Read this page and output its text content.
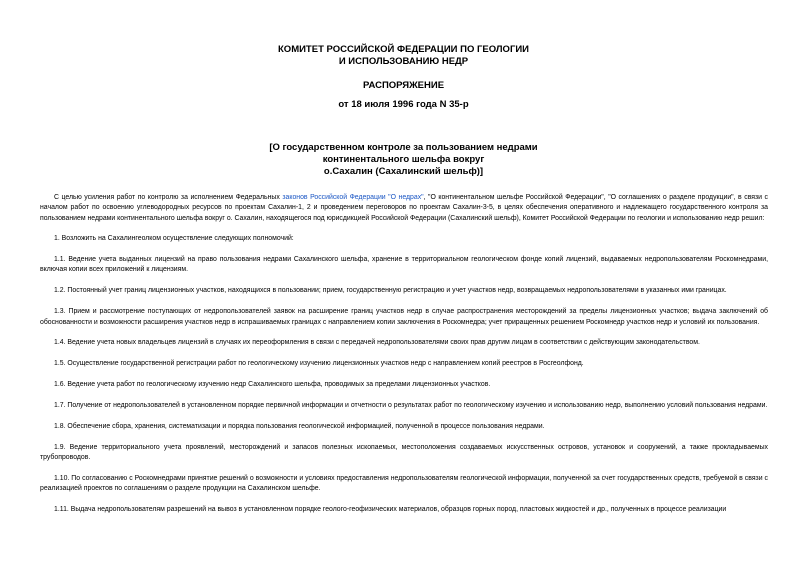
КОМИТЕТ РОССИЙСКОЙ ФЕДЕРАЦИИ ПО ГЕОЛОГИИ
И ИСПОЛЬЗОВАНИЮ НЕДР
РАСПОРЯЖЕНИЕ
от 18 июля 1996 года N 35-р
[О государственном контроле за пользованием недрами
континентального шельфа вокруг
о.Сахалин (Сахалинский шельф)]

С целью усиления работ по контролю за исполнением Федеральных законов Российской Федерации "О недрах", "О континентальном шельфе Российской Федерации", "О соглашениях о разделе продукции", в связи с началом работ по освоению углеводородных ресурсов по проектам Сахалин-1, 2 и проведением переговоров по проектам Сахалин-3-5, в целях обеспечения оперативного и надлежащего государственного контроля за пользованием недрами континентального шельфа вокруг о. Сахалин, находящегося под юрисдикцией Российской Федерации (Сахалинский шельф), Комитет Российской Федерации по геологии и использованию недр решил:

1. Возложить на Сахалингеолком осуществление следующих полномочий:

1.1. Ведение учета выданных лицензий на право пользования недрами Сахалинского шельфа, хранение в территориальном геологическом фонде копий лицензий, выдаваемых недропользователям Роскомнедрами, включая копии всех приложений к лицензиям.

1.2. Постоянный учет границ лицензионных участков, находящихся в пользовании; прием, государственную регистрацию и учет участков недр, возвращаемых недропользователями в указанных ими границах.

1.3. Прием и рассмотрение поступающих от недропользователей заявок на расширение границ участков недр в случае распространения месторождений за пределы лицензионных участков; выдача заключений об обоснованности и возможности расширения участков недр в испрашиваемых границах с направлением копии заключения в Роскомнедра; учет приращенных решением Роскомнедр участков недр и условий их пользования.

1.4. Ведение учета новых владельцев лицензий в случаях их переоформления в связи с передачей недропользователями своих прав другим лицам в соответствии с действующим законодательством.

1.5. Осуществление государственной регистрации работ по геологическому изучению лицензионных участков недр с направлением копий реестров в Росгеолфонд.

1.6. Ведение учета работ по геологическому изучению недр Сахалинского шельфа, проводимых за пределами лицензионных участков.

1.7. Получение от недропользователей в установленном порядке первичной информации и отчетности о результатах работ по геологическому изучению и использованию недр, выполнению условий пользования недрами.

1.8. Обеспечение сбора, хранения, систематизации и порядка пользования геологической информацией, полученной в процессе пользования недрами.

1.9. Ведение территориального учета проявлений, месторождений и запасов полезных ископаемых, местоположения создаваемых искусственных островов, установок и сооружений, а также прокладываемых трубопроводов.

1.10. По согласованию с Роскомнедрами принятие решений о возможности и условиях предоставления недропользователям геологической информации, полученной за счет государственных средств, требуемой в связи с реализацией проектов по соглашениям о разделе продукции на Сахалинском шельфе.

1.11. Выдача недропользователям разрешений на вывоз в установленном порядке геолого-геофизических материалов, образцов горных пород, пластовых жидкостей и др., полученных в процессе реализации
